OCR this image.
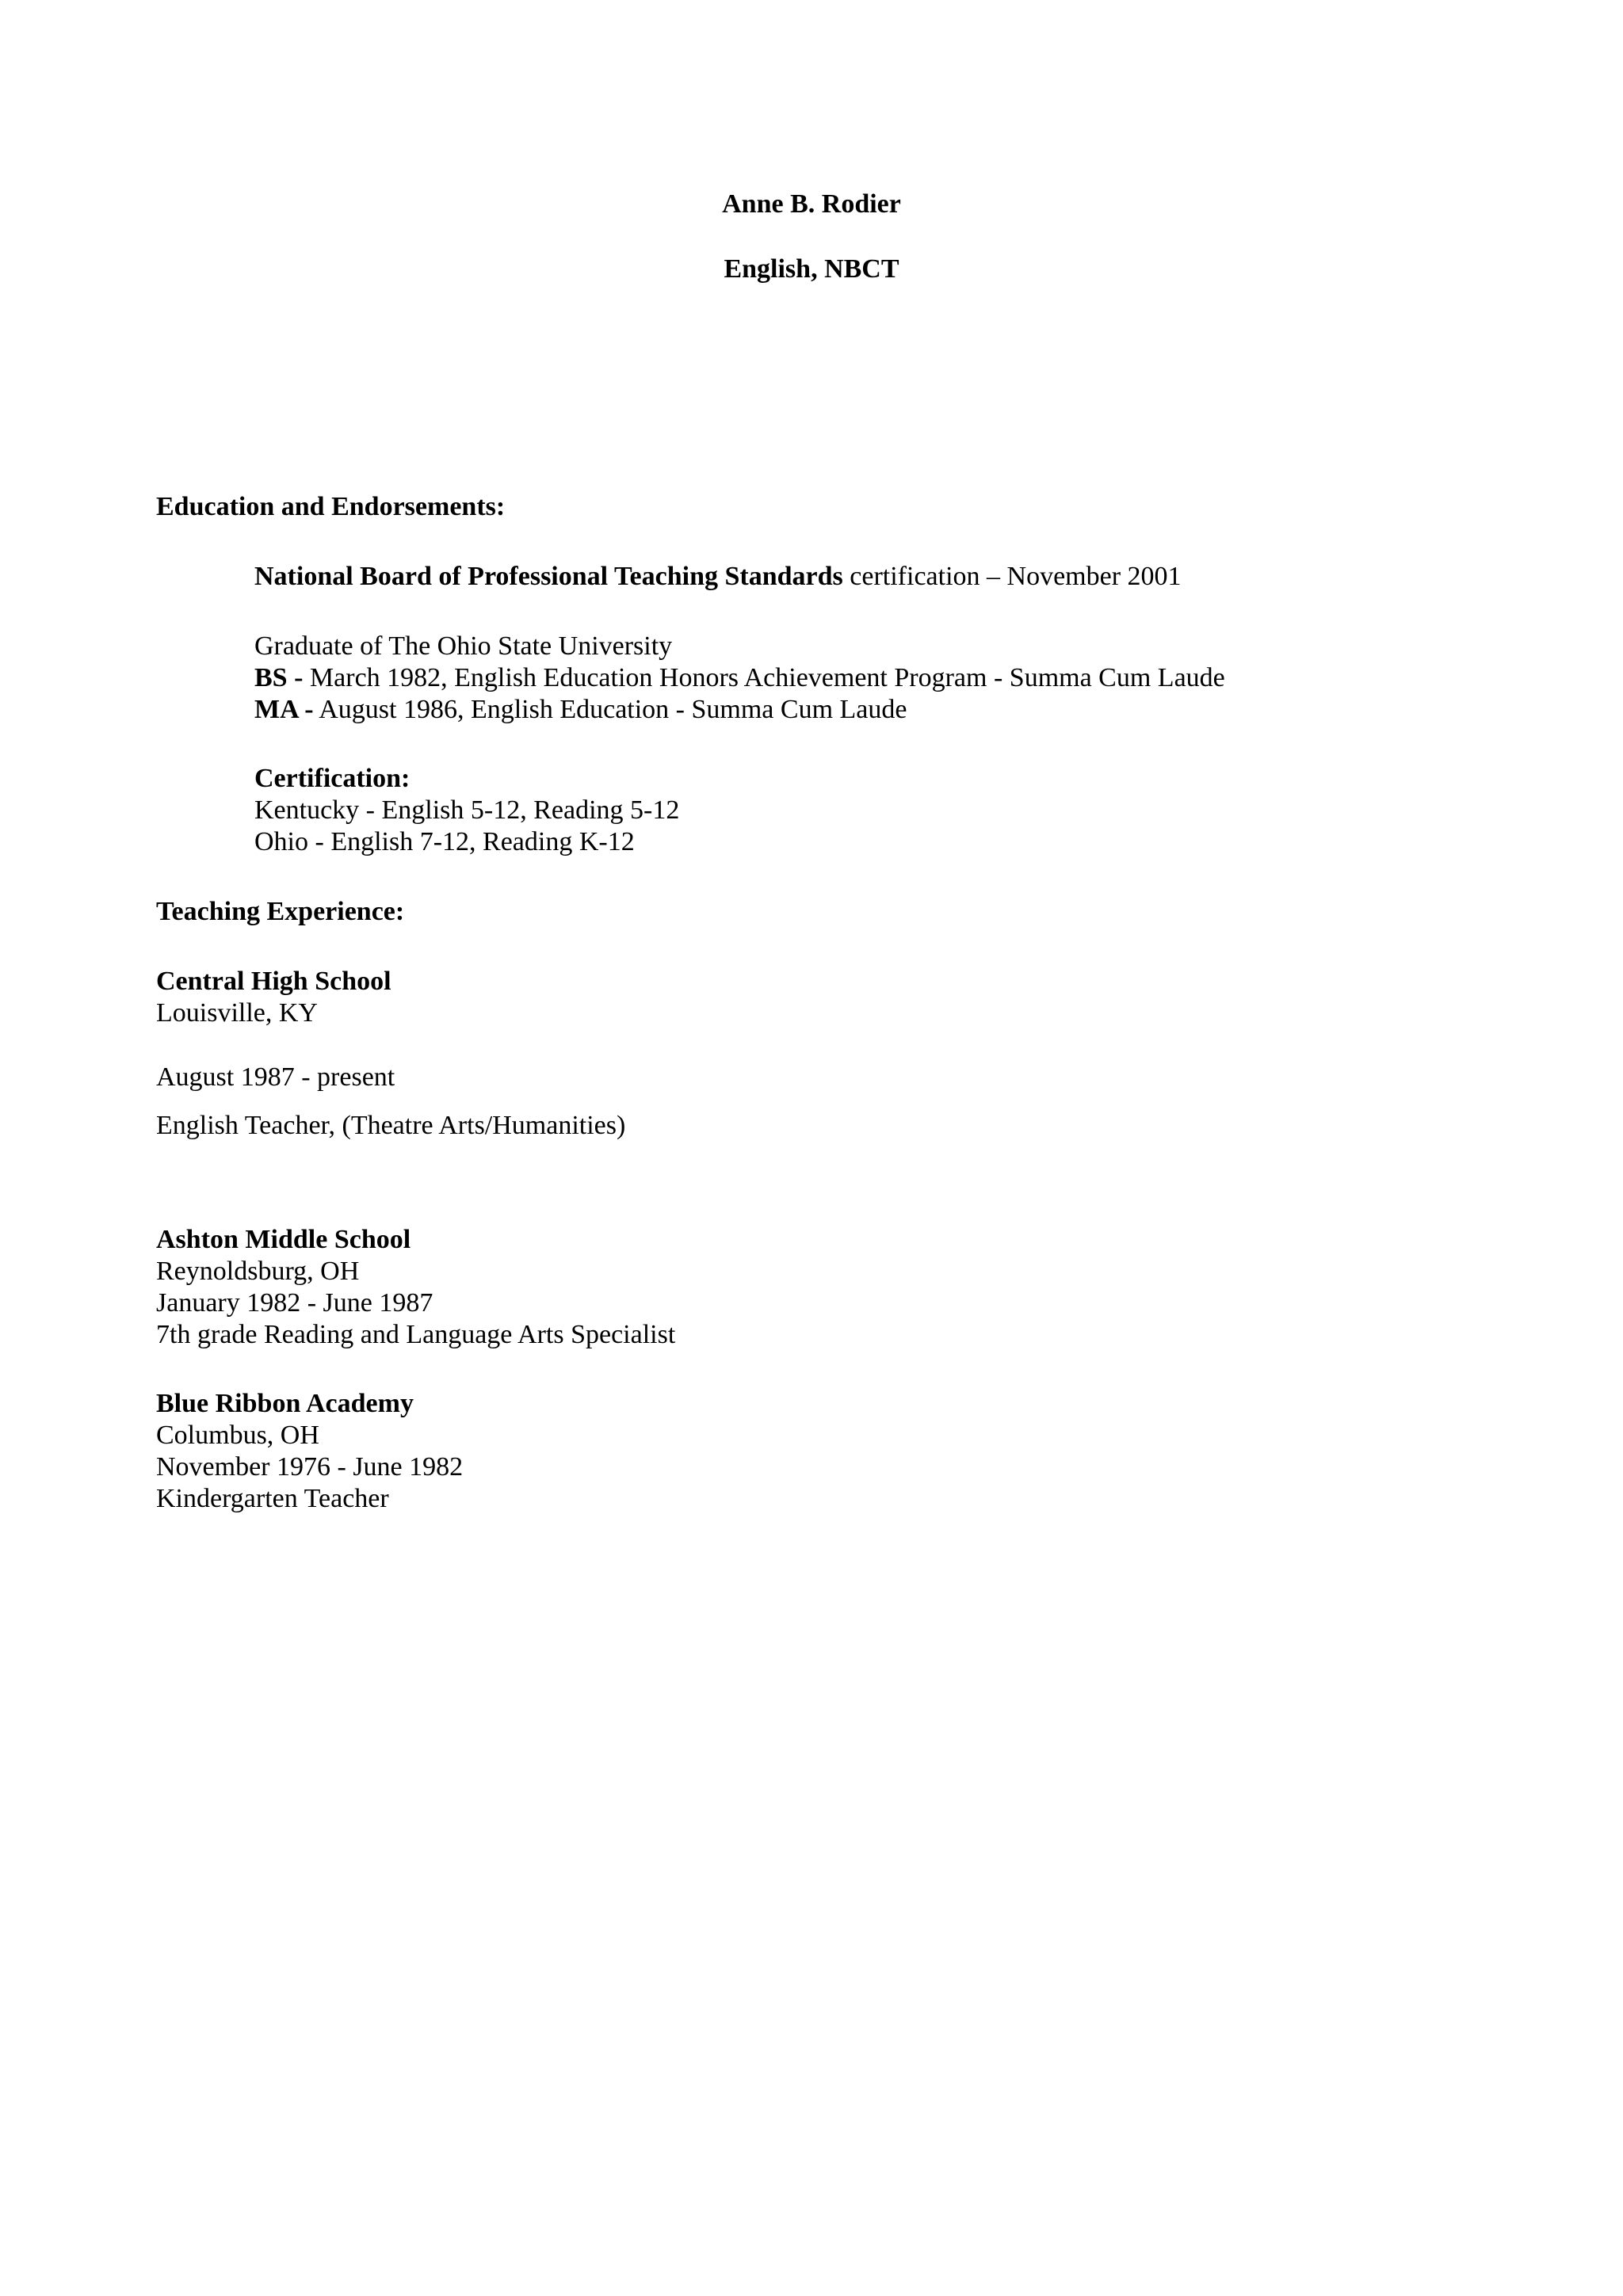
Anne B. Rodier
English, NBCT
Education and Endorsements:
National Board of Professional Teaching Standards certification – November 2001
Graduate of The Ohio State University
BS - March 1982, English Education Honors Achievement Program - Summa Cum Laude
MA - August 1986, English Education - Summa Cum Laude
Certification:
Kentucky - English 5-12, Reading 5-12
Ohio - English 7-12, Reading K-12
Teaching Experience:
Central High School
Louisville, KY
August 1987 - present
English Teacher, (Theatre Arts/Humanities)
Ashton Middle School
Reynoldsburg, OH
January 1982 - June 1987
7th grade Reading and Language Arts Specialist
Blue Ribbon Academy
Columbus, OH
November 1976 - June 1982
Kindergarten Teacher
